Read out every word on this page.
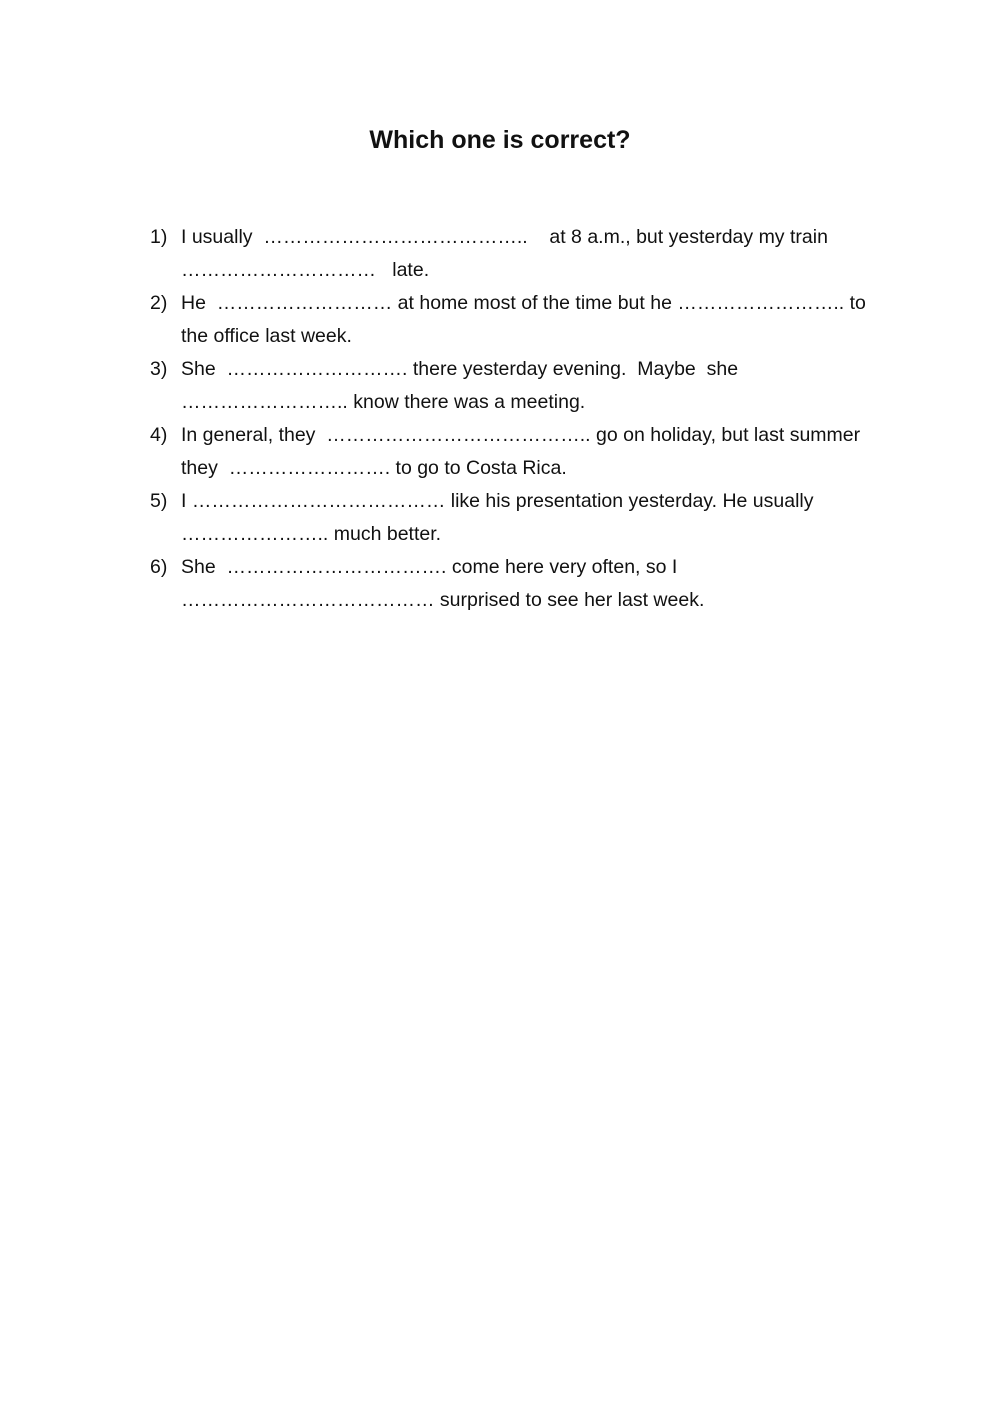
Which one is correct?
1) I usually  …………………………………..    at 8 a.m., but yesterday my train
…………………………   late.
2) He  ……………………… at home most of the time but he …………………….. to
the office last week.
3) She  ………………………. there yesterday evening.  Maybe  she
…………………….. know there was a meeting.
4) In general, they  ………………………………….. go on holiday, but last summer
they  ……………………. to go to Costa Rica.
5) I ………………………………… like his presentation yesterday. He usually
………………….. much better.
6) She  ……………………………. come here very often, so I
………………………………… surprised to see her last week.
